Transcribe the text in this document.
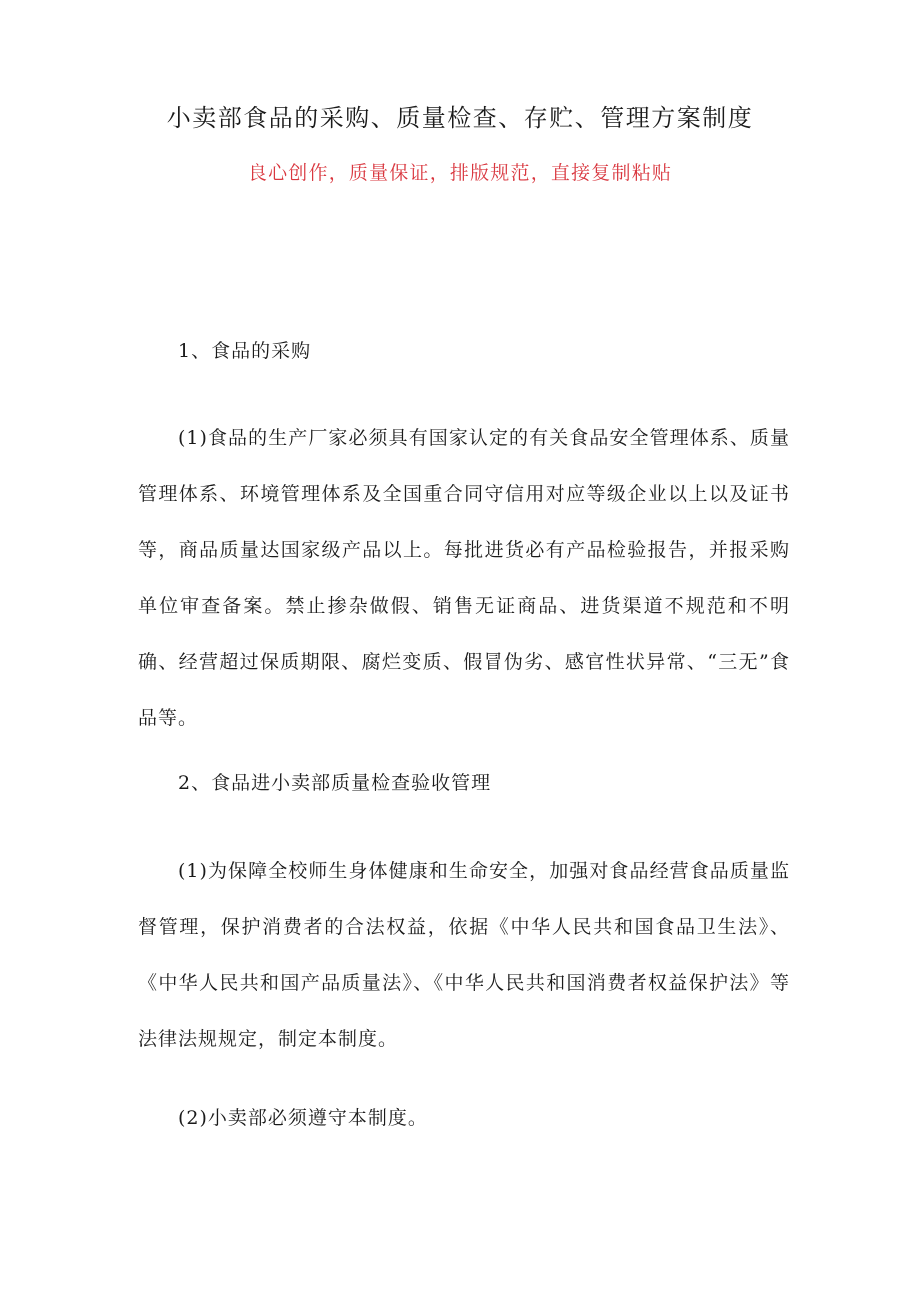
小卖部食品的采购、质量检查、存贮、管理方案制度
良心创作，质量保证，排版规范，直接复制粘贴
1、食品的采购
(1)食品的生产厂家必须具有国家认定的有关食品安全管理体系、质量管理体系、环境管理体系及全国重合同守信用对应等级企业以上以及证书等，商品质量达国家级产品以上。每批进货必有产品检验报告，并报采购单位审查备案。禁止掺杂做假、销售无证商品、进货渠道不规范和不明确、经营超过保质期限、腐烂变质、假冒伪劣、感官性状异常、“三无”食品等。
2、食品进小卖部质量检查验收管理
(1)为保障全校师生身体健康和生命安全，加强对食品经营食品质量监督管理，保护消费者的合法权益，依据《中华人民共和国食品卫生法》、《中华人民共和国产品质量法》、《中华人民共和国消费者权益保护法》等法律法规规定，制定本制度。
(2)小卖部必须遵守本制度。
